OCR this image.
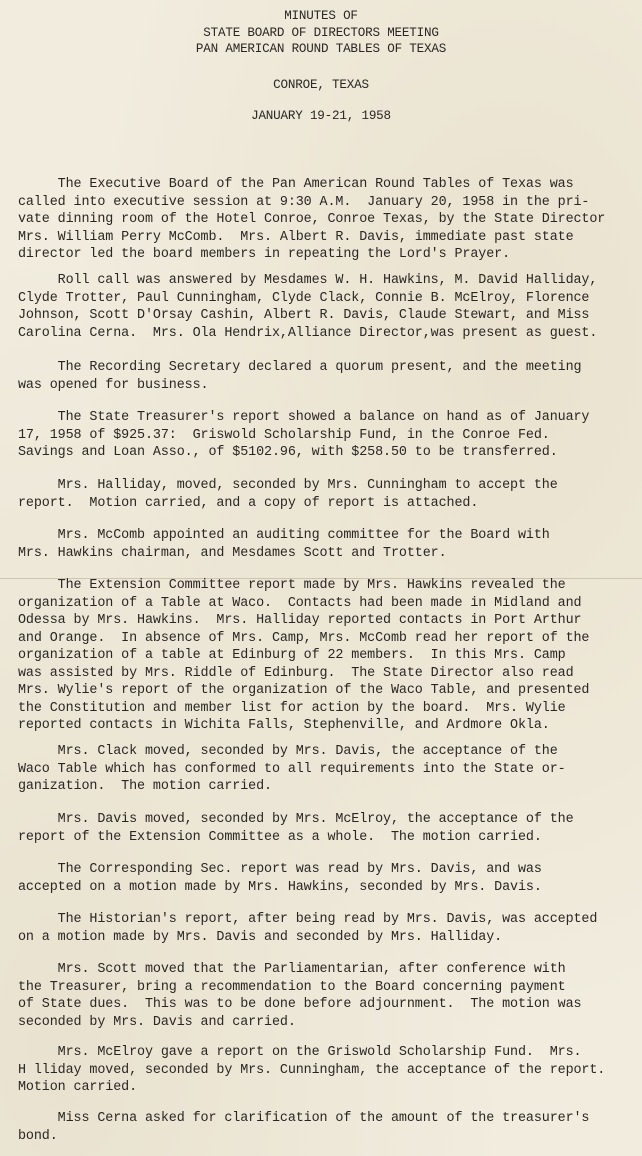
MINUTES OF
STATE BOARD OF DIRECTORS MEETING
PAN AMERICAN ROUND TABLES OF TEXAS
CONROE, TEXAS
JANUARY 19-21, 1958
The Executive Board of the Pan American Round Tables of Texas was
called into executive session at 9:30 A.M.  January 20, 1958 in the pri-
vate dinning room of the Hotel Conroe, Conroe Texas, by the State Director
Mrs. William Perry McComb.  Mrs. Albert R. Davis, immediate past state
director led the board members in repeating the Lord's Prayer.
Roll call was answered by Mesdames W. H. Hawkins, M. David Halliday,
Clyde Trotter, Paul Cunningham, Clyde Clack, Connie B. McElroy, Florence
Johnson, Scott D'Orsay Cashin, Albert R. Davis, Claude Stewart, and Miss
Carolina Cerna.  Mrs. Ola Hendrix,Alliance Director,was present as guest.
The Recording Secretary declared a quorum present, and the meeting
was opened for business.
The State Treasurer's report showed a balance on hand as of January
17, 1958 of $925.37:  Griswold Scholarship Fund, in the Conroe Fed.
Savings and Loan Asso., of $5102.96, with $258.50 to be transferred.
Mrs. Halliday, moved, seconded by Mrs. Cunningham to accept the
report.  Motion carried, and a copy of report is attached.
Mrs. McComb appointed an auditing committee for the Board with
Mrs. Hawkins chairman, and Mesdames Scott and Trotter.
The Extension Committee report made by Mrs. Hawkins revealed the
organization of a Table at Waco.  Contacts had been made in Midland and
Odessa by Mrs. Hawkins.  Mrs. Halliday reported contacts in Port Arthur
and Orange.  In absence of Mrs. Camp, Mrs. McComb read her report of the
organization of a table at Edinburg of 22 members.  In this Mrs. Camp
was assisted by Mrs. Riddle of Edinburg.  The State Director also read
Mrs. Wylie's report of the organization of the Waco Table, and presented
the Constitution and member list for action by the board.  Mrs. Wylie
reported contacts in Wichita Falls, Stephenville, and Ardmore Okla.
Mrs. Clack moved, seconded by Mrs. Davis, the acceptance of the
Waco Table which has conformed to all requirements into the State or-
ganization.  The motion carried.
Mrs. Davis moved, seconded by Mrs. McElroy, the acceptance of the
report of the Extension Committee as a whole.  The motion carried.
The Corresponding Sec. report was read by Mrs. Davis, and was
accepted on a motion made by Mrs. Hawkins, seconded by Mrs. Davis.
The Historian's report, after being read by Mrs. Davis, was accepted
on a motion made by Mrs. Davis and seconded by Mrs. Halliday.
Mrs. Scott moved that the Parliamentarian, after conference with
the Treasurer, bring a recommendation to the Board concerning payment
of State dues.  This was to be done before adjournment.  The motion was
seconded by Mrs. Davis and carried.
Mrs. McElroy gave a report on the Griswold Scholarship Fund.  Mrs.
H lliday moved, seconded by Mrs. Cunningham, the acceptance of the report.
Motion carried.
Miss Cerna asked for clarification of the amount of the treasurer's
bond.
